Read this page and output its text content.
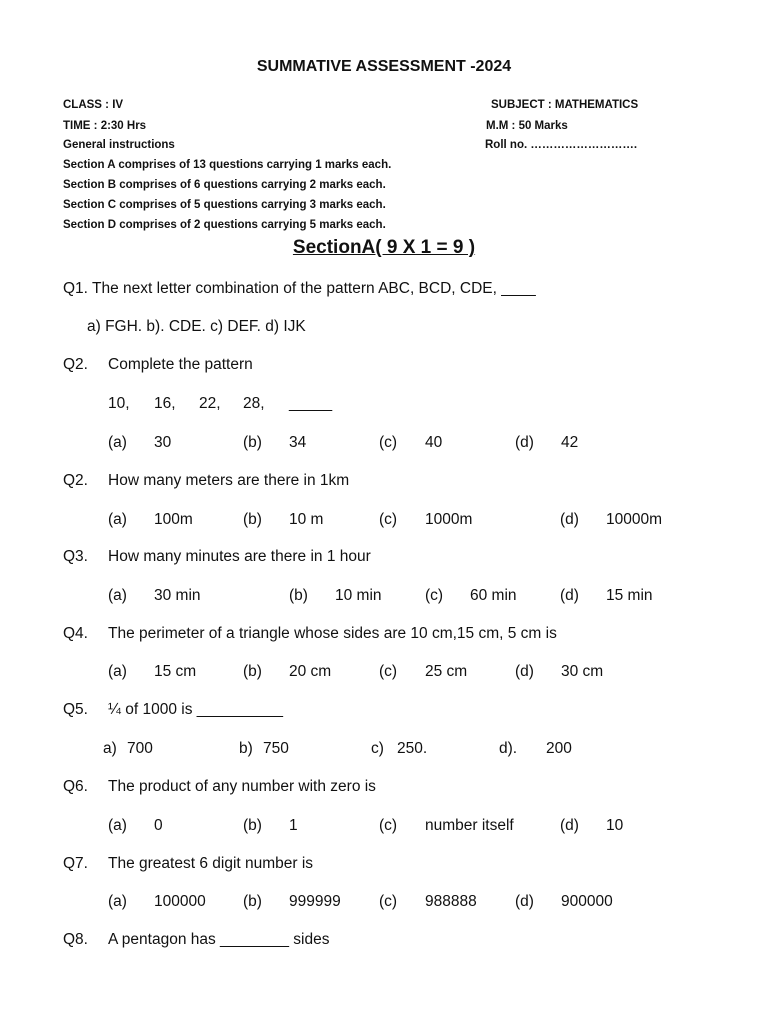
SUMMATIVE ASSESSMENT -2024
CLASS : IV
TIME : 2:30 Hrs
General instructions
SUBJECT : MATHEMATICS
M.M : 50 Marks
Roll no. ……………………….
Section A comprises of 13 questions carrying 1 marks each.
Section B comprises of 6 questions carrying 2 marks each.
Section C comprises of 5 questions carrying 3 marks each.
Section D comprises of 2 questions carrying 5 marks each.
SectionA( 9 X 1 = 9 )
Q1. The next letter combination of the pattern ABC, BCD, CDE, ____
a) FGH. b). CDE. c) DEF. d) IJK
Q2. Complete the pattern
10, 16, 22, 28, _____
(a) 30	(b) 34	(c) 40	(d) 42
Q2. How many meters are there in 1km
(a) 100m	(b) 10 m	(c) 1000m	(d) 10000m
Q3. How many minutes are there in 1 hour
(a) 30 min	(b) 10 min	(c) 60 min	(d) 15 min
Q4. The perimeter of a triangle whose sides are 10 cm,15 cm, 5 cm is
(a) 15 cm	(b) 20 cm	(c) 25 cm	(d) 30 cm
Q5. ¼ of 1000 is __________
a) 700	b) 750	c) 250.	d). 200
Q6. The product of any number with zero is
(a) 0	(b) 1	(c) number itself	(d) 10
Q7. The greatest 6 digit number is
(a) 100000 (b) 999999 (c) 988888 (d) 900000
Q8. A pentagon has ________ sides
